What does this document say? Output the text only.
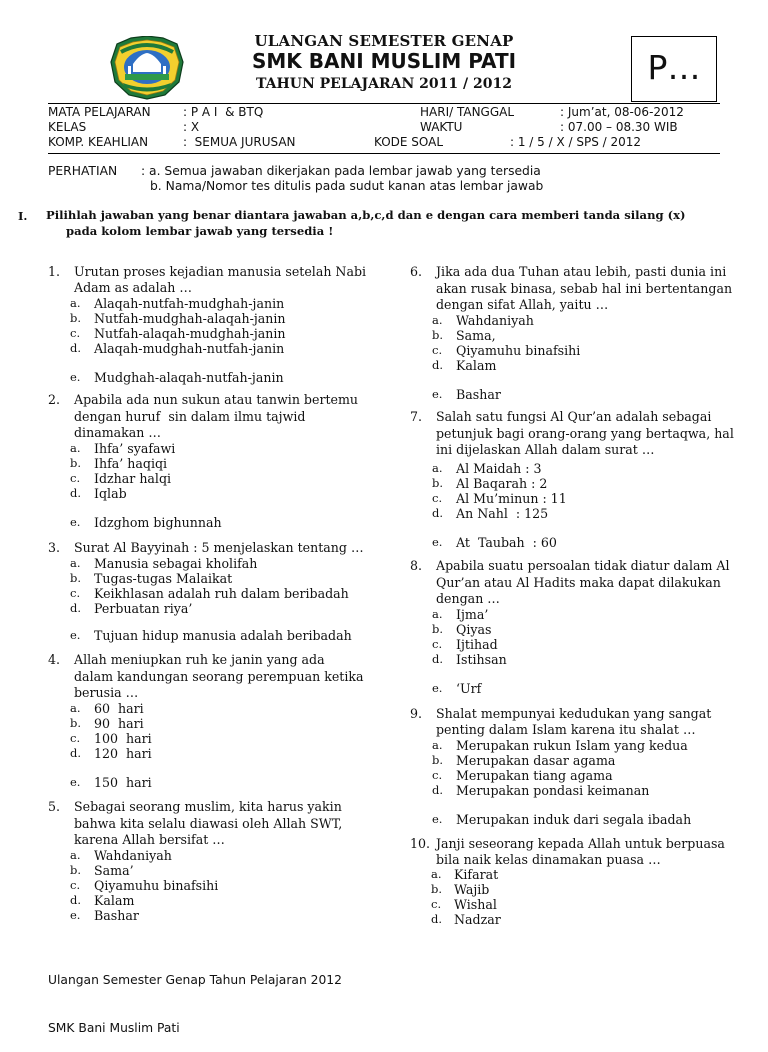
ULANGAN SEMESTER GENAP
SMK BANI MUSLIM PATI
TAHUN PELAJARAN 2011 / 2012	P…
MATA PELAJARAN	: P A I  & BTQ
KELAS	: X
KOMP. KEAHLIAN	:  SEMUA JURUSAN
HARI/ TANGGAL	: Jum’at, 08-06-2012
WAKTU	: 07.00 – 08.30 WIB
KODE SOAL	: 1 / 5 / X / SPS / 2012
PERHATIAN : a. Semua jawaban dikerjakan pada lembar jawab yang tersedia
b. Nama/Nomor tes ditulis pada sudut kanan atas lembar jawab
I. Pilihlah jawaban yang benar diantara jawaban a,b,c,d dan e dengan cara memberi tanda silang (x)
pada kolom lembar jawab yang tersedia !
1. Urutan proses kejadian manusia setelah Nabi
Adam as adalah …
a. Alaqah-nutfah-mudghah-janin
b. Nutfah-mudghah-alaqah-janin
c. Nutfah-alaqah-mudghah-janin
d. Alaqah-mudghah-nutfah-janin
e. Mudghah-alaqah-nutfah-janin
2. Apabila ada nun sukun atau tanwin bertemu
dengan huruf  sin dalam ilmu tajwid
dinamakan …
a. Ihfa’ syafawi
b. Ihfa’ haqiqi
c. Idzhar halqi
d. Iqlab
e. Idzghom bighunnah
3. Surat Al Bayyinah : 5 menjelaskan tentang …
a. Manusia sebagai kholifah
b. Tugas-tugas Malaikat
c. Keikhlasan adalah ruh dalam beribadah
d. Perbuatan riya’
e. Tujuan hidup manusia adalah beribadah
4. Allah meniupkan ruh ke janin yang ada
dalam kandungan seorang perempuan ketika
berusia …
a. 60  hari
b. 90  hari
c. 100  hari
d. 120  hari
e. 150  hari
5. Sebagai seorang muslim, kita harus yakin
bahwa kita selalu diawasi oleh Allah SWT,
karena Allah bersifat …
a. Wahdaniyah
b. Sama’
c. Qiyamuhu binafsihi
d. Kalam
e. Bashar
6. Jika ada dua Tuhan atau lebih, pasti dunia ini
akan rusak binasa, sebab hal ini bertentangan
dengan sifat Allah, yaitu …
a. Wahdaniyah
b. Sama,
c. Qiyamuhu binafsihi
d. Kalam
e. Bashar
7. Salah satu fungsi Al Qur’an adalah sebagai
petunjuk bagi orang-orang yang bertaqwa, hal
ini dijelaskan Allah dalam surat …
a. Al Maidah : 3
b. Al Baqarah : 2
c. Al Mu’minun : 11
d. An Nahl  : 125
e. At  Taubah  : 60
8. Apabila suatu persoalan tidak diatur dalam Al
Qur’an atau Al Hadits maka dapat dilakukan
dengan …
a. Ijma’
b. Qiyas
c. Ijtihad
d. Istihsan
e. ‘Urf
9. Shalat mempunyai kedudukan yang sangat
penting dalam Islam karena itu shalat …
a. Merupakan rukun Islam yang kedua
b. Merupakan dasar agama
c. Merupakan tiang agama
d. Merupakan pondasi keimanan
e. Merupakan induk dari segala ibadah
10. Janji seseorang kepada Allah untuk berpuasa
bila naik kelas dinamakan puasa …
a. Kifarat
b. Wajib
c. Wishal
d. Nadzar

Ulangan Semester Genap Tahun Pelajaran 2012

SMK Bani Muslim Pati
